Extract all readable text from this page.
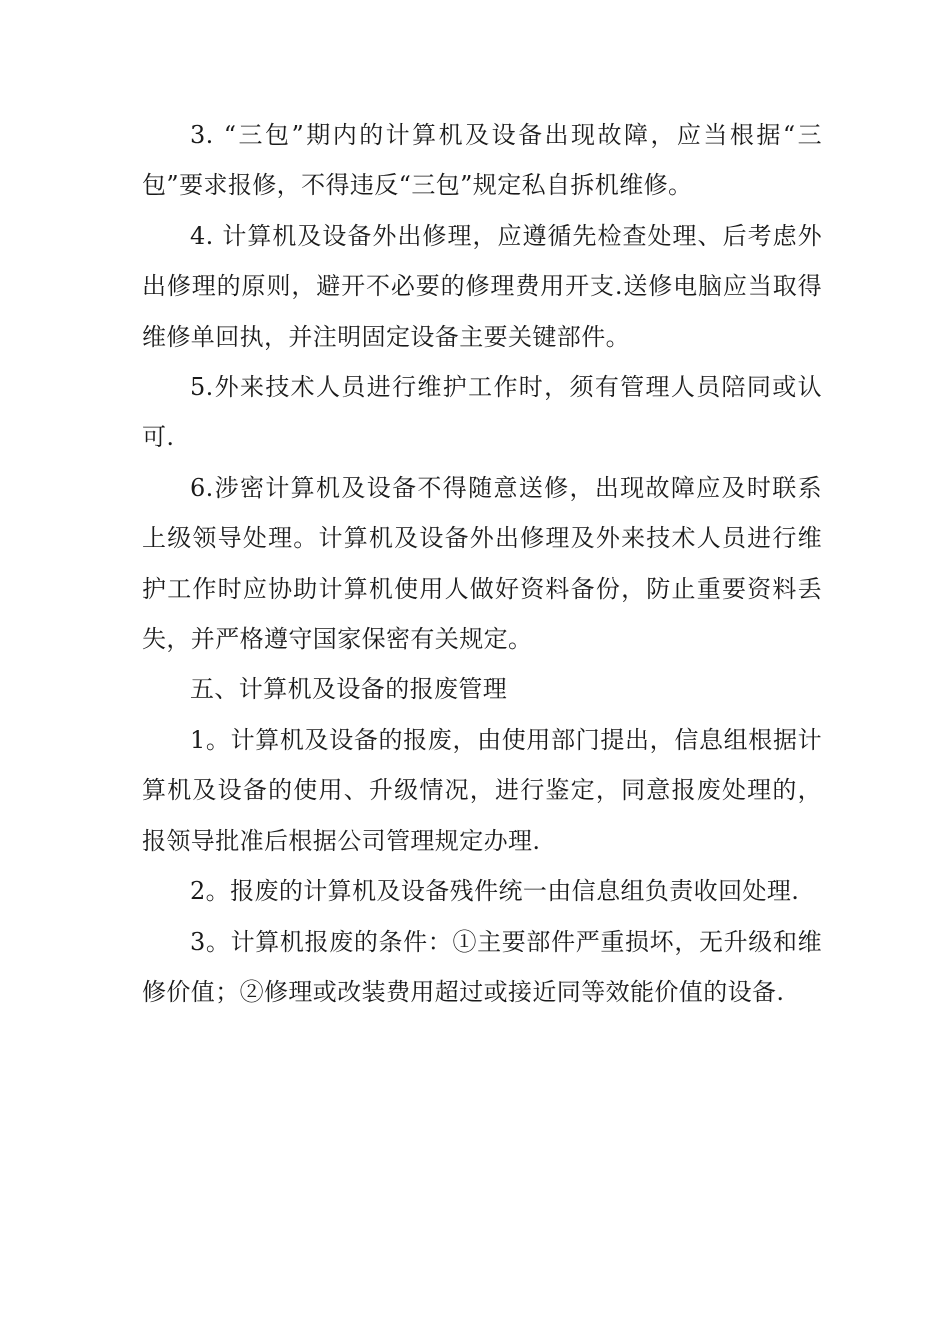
3. “三包”期内的计算机及设备出现故障，应当根据“三包”要求报修，不得违反“三包”规定私自拆机维修。

4. 计算机及设备外出修理，应遵循先检查处理、后考虑外出修理的原则，避开不必要的修理费用开支.送修电脑应当取得维修单回执，并注明固定设备主要关键部件。

5.外来技术人员进行维护工作时，须有管理人员陪同或认可.

6.涉密计算机及设备不得随意送修，出现故障应及时联系上级领导处理。计算机及设备外出修理及外来技术人员进行维护工作时应协助计算机使用人做好资料备份，防止重要资料丢失，并严格遵守国家保密有关规定。

五、计算机及设备的报废管理

1。计算机及设备的报废，由使用部门提出，信息组根据计算机及设备的使用、升级情况，进行鉴定，同意报废处理的，报领导批准后根据公司管理规定办理.

2。报废的计算机及设备残件统一由信息组负责收回处理.

3。计算机报废的条件：①主要部件严重损坏，无升级和维修价值；②修理或改装费用超过或接近同等效能价值的设备.
